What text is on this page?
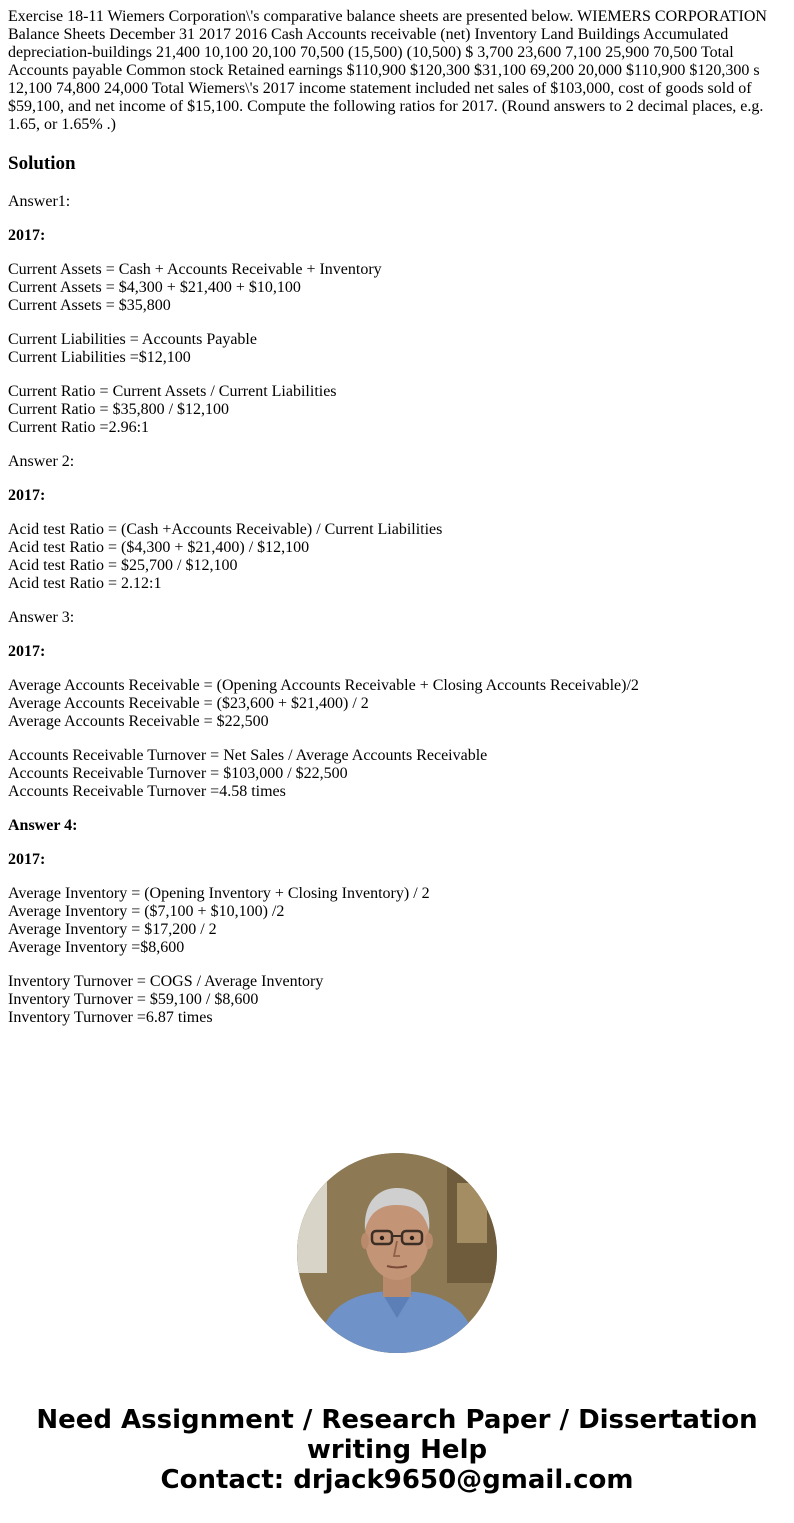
Exercise 18-11 Wiemers Corporation\'s comparative balance sheets are presented below. WIEMERS CORPORATION Balance Sheets December 31 2017 2016 Cash Accounts receivable (net) Inventory Land Buildings Accumulated depreciation-buildings 21,400 10,100 20,100 70,500 (15,500) (10,500) $ 3,700 23,600 7,100 25,900 70,500 Total Accounts payable Common stock Retained earnings $110,900 $120,300 $31,100 69,200 20,000 $110,900 $120,300 s 12,100 74,800 24,000 Total Wiemers\'s 2017 income statement included net sales of $103,000, cost of goods sold of $59,100, and net income of $15,100. Compute the following ratios for 2017. (Round answers to 2 decimal places, e.g. 1.65, or 1.65% .)

Solution

Answer1:

2017:

Current Assets = Cash + Accounts Receivable + Inventory
Current Assets = $4,300 + $21,400 + $10,100
Current Assets = $35,800

Current Liabilities = Accounts Payable
Current Liabilities =$12,100

Current Ratio = Current Assets / Current Liabilities
Current Ratio = $35,800 / $12,100
Current Ratio =2.96:1

Answer 2:

2017:

Acid test Ratio = (Cash +Accounts Receivable) / Current Liabilities
Acid test Ratio = ($4,300 + $21,400) / $12,100
Acid test Ratio = $25,700 / $12,100
Acid test Ratio = 2.12:1

Answer 3:

2017:

Average Accounts Receivable = (Opening Accounts Receivable + Closing Accounts Receivable)/2
Average Accounts Receivable = ($23,600 + $21,400) / 2
Average Accounts Receivable = $22,500

Accounts Receivable Turnover = Net Sales / Average Accounts Receivable
Accounts Receivable Turnover = $103,000 / $22,500
Accounts Receivable Turnover =4.58 times

Answer 4:

2017:

Average Inventory = (Opening Inventory + Closing Inventory) / 2
Average Inventory = ($7,100 + $10,100) /2
Average Inventory = $17,200 / 2
Average Inventory =$8,600

Inventory Turnover = COGS / Average Inventory
Inventory Turnover = $59,100 / $8,600
Inventory Turnover =6.87 times

Need Assignment / Research Paper / Dissertation
writing Help
Contact: drjack9650@gmail.com
